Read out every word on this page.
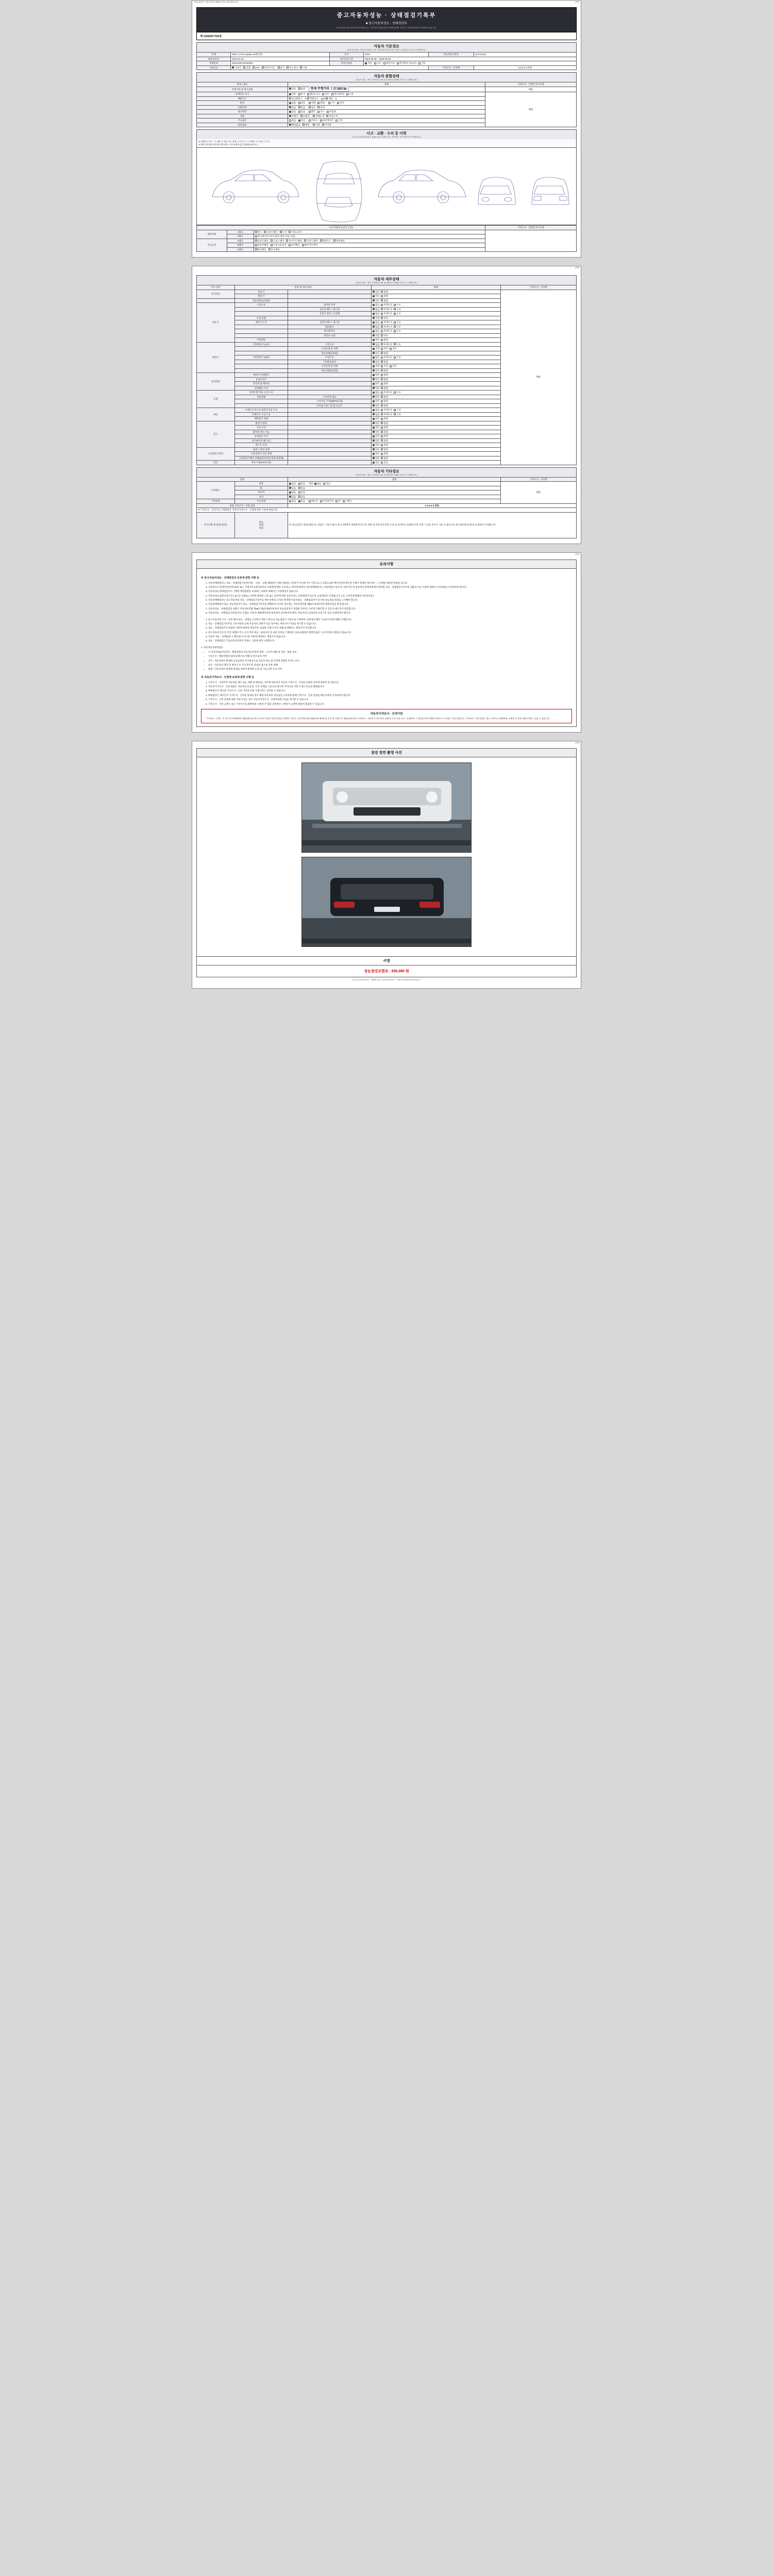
자동차관리법 시행규칙 [별지 제82호서식] <개정 2021.1.19.>	(3쪽)
중고자동차성능 · 상태점검기록부
■ 중고자동차성능 · 상태점검부
※ 자동차인도일 ( 계약일 )부터 30일 또는 주행거리 2천킬로미터 이내에 발생한 고장 또는 하자에 대하여 보상책임이 있습니다.
제 2300007765호
자동차 기본정보
(자동차등록증 / 자동차등록원부 기준. 자동차등록증과 다른 사항은 등록원부 기준으로 기재합니다.)
차 명	RDE 4.2 FSI quattro (4매인말)	연식	2015	자동차등록번호	212요8124
최초등록일	2015-10-19	검사유효기간	2023-06-06 ~ 2025-06-06		
차대번호	WAUZZZF19A00001	변속기종류	자동 수동 세미오토 무단변속기(CVT) 기타		
사용연료	가솔린 디젤 LPG 하이브리드 전기 수소전기 기타			가격조사 · 산정액	0 0 0 0 0 만원
자동차 종합상태
(자동차 점검 · 정비 시 확인된 사항 및 일반적인 상태를 기준으로 기재합니다.)
항목 / 종류	상태	가격조사 · 산정액 특기사항
주행거리 및 계기상태	양호 불량 현재 주행거리 ㅣ27,893 ㎞	해당
차대번호 표기	양호 부식 훼손(오손) 상이 변조(변타) 도말	해당
배출가스	일산화탄소 % 탄화수소 ppm 매연 %	
튜닝	없음 있음 적법 불법 구조 장치	
특별이력	없음 있음 침수 화재	
용도변경	없음 있음 렌트 리스 영업용	
색상	무채색 유채색 전체도색 부분도색	
주요옵션	없음 있음 선루프 내비게이션 기타	
리콜대상	해당없음 해당 이행 미이행	
사고 · 교환 · 수리 등 이력
(주요 골격 부위의 판금, 용접수리 및 교환이 있는 경우에는 사고이력으로 표기합니다.)
※ 상태표시 부호 : ⓧ 교환, ⓦ 판금 또는 용접, ⓒ 부식, ⓢ 스크래치, ⓐ 요철, ⓒ 손상
※ 하단 항목에서 솔루하지 않더라도 기타 부위특성을 상태에 따라 표시
사고이력(주요골격 손상)			가격조사 · 산정액 특기사항
외판부위	1랭크	후드 프론트휀더 도어 트렁크리드	
	2랭크	라디에이터서포트(볼트체결 부품 포함)	
주요골격	A랭크	프론트패널 크로스멤버 인사이드패널 사이드멤버 휠하우스 대쉬패널	
	B랭크	플로어패널 트렁크플로어 리어패널 패키지트레이	
	C랭크	필러패널 루프패널	
(3쪽)
자동차 세부상태
(자동차 점검 · 정비 시 확인된 사항 및 일반적인 상태를 기준으로 기재합니다.)
주요 장치	항목 및 성능상태		상태	가격조사 · 산정액
자가진단	원동기		양호 불량	해당
	변속기		양호 불량	
	작동상태 (공회전)		양호 불량	
원동기	오일누유	로커암 커버	없음 미세누유 누유	
		실린더 헤드 / 개스킷	없음 미세누유 누유	
		실린더 블록 / 오일팬	없음 미세누유 누유	
	오일 유량		적정 부족	
	냉각수 누수	실린더 헤드 / 개스킷	없음 미세누수 누수	
		워터펌프	없음 미세누수 누수	
		라디에이터	없음 미세누수 누수	
		냉각수 수량	적정 부족	
	커먼레일		양호 불량	
변속기	자동변속기 (A/T)	오일누유	없음 미세누유 누유	
		오일유량 및 상태	적정 부족 과다	
		작동상태(공회전)	양호 불량	
	수동변속기 (M/T)	오일누유	없음 미세누유 누유	
		기어변속장치	양호 불량	
		오일유량 및 상태	적정 부족 과다	
		작동상태(공회전)	양호 불량	
동력전달	클러치 어셈블리		양호 불량	
	등속조인트		양호 불량	
	추진축 및 베어링		양호 불량	
	디퍼렌셜 기어		양호 불량	
조향	동력조향 작동 오일 누유		없음 미세누유 누유	
	작동상태	스티어링 펌프	양호 불량	
		스티어링 기어(MDPS포함)	양호 불량	
		타이로드엔드 및 볼 조인트	양호 불량	
제동	브레이크 마스터 실린더오일 누유		없음 미세누유 누유	
	브레이크 오일 누유		없음 미세누유 누유	
	배력장치 상태		양호 불량	
전기	발전기 출력		양호 불량	
	시동 모터		양호 불량	
	와이퍼 정티 기능		양호 불량	
	실내송풍 모터		양호 불량	
	라디에이터 팬 모터		양호 불량	
	윈도우 모터		양호 불량	
고전원전기장치	충전구 절연 상태		양호 불량	
	구동축전지 격리 상태		양호 불량	
	고전원전기배선 상태(접속단자의,피복,절연체)		양호 불량	
연료	연료 누출(LPG포함)		없음 있음	
자동차 기타정보
(자동차 점검 · 정비 시 확인된 사항 및 일반적인 상태를 기준으로 기재합니다.)
항목		상태	가격조사 · 산정액
수리필요	외장	없음 있음 내장 없음 있음	해당
	휠	없음 있음	
	타이어	없음 있음	
	유리	없음 있음	
기본품목	보유상태	없음 있음 매뉴얼 안전삼각대 잭 스패너	
최종 가격조사 · 산정 금액		0 0 0 0 0 만원	
※ 가격조사 · 산정가격 산정방법은 자동차가격조사 · 산정에 관한 기준에 따릅니다.			
특기사항 및 점검자의견	성능
상태
점검	반 성능점검이 출하니(하나는 말씀드 거울 부품이 중고나제에서 세차하여 중고차 적용 및 부분적인 관련 도로 토 되 탈이노동회에 이관 지면 그나로 부서가 기름 수 없으므로 중고장차업 등에 또 유의하시기 바랍니다.	
(3쪽)
유의사항
※ 중고자동차성능 · 상태점검의 보증에 관한 사항 등
1. 자동차매매업자는 성능 · 상태점검기록부(이하 「성능 · 상태 제외)에 기재된 내용을 고지하지 아니하거나 거짓으로 고지함으로써 매수인에게 재산상 손해가 발생한 경우에는 그 손해를 배상할 책임을 집니다.
2. 자동차인도일(계약일)부터 30일 또는 주행거리 2천킬로미터 이내에 발생한 고장 또는 하자에 대하여 자동차매매업자는 보증책임이 있으며, 보증기간 내 정상적인 운행과정에서 발생한 성능 · 상태점검기록부의 내용과 다른 사항에 대하여 수리비용을 보상하여야 합니다.
3. 자동차성능상태점검자가 기재한 책임범위를 초과하는 내용에 대해서는 보증책임이 없습니다.
4. 자동차성능상태 보증기간 ( 30 일 / 2천㎞ ) 이내에 발생한 고장 또는 하자에 대한 보증수리는 보증책임이 있으며, 보증책임이 인정됩니다. ( 단, 소비자분쟁해결기준에 따름 )
5. 자동차매매업자는 중고자동차의 성능 · 상태점검기록부를 매수인에게 고지할 때 현행 자동차성능 · 상태점검자가 실시한 성능점검 결과를 고지해야 합니다.
6. 자동차매매업자 또는 성능점검자가 성능 · 상태점검기록부를 발행하지 아니한 경우에는 자동차관리법 제58조의4에 따라 행정처분을 받게 됩니다.
7. 자동차성능 · 상태점검의 내용은 자동차관리법 제58조제1항제3호에 따라 성능점검자가 점검한 것이며, 소비자가 확인할 수 있도록 매도인이 제공합니다.
8. 자동차성능 · 상태점검기록부(사본 포함)는 자동차 매매계약서에 첨부하여 교부하여야 하며, 자동차인도일로부터 보증기간 동안 보관하여야 합니다.
1. 중고자동차의 구조 · 장치 별의 성능 · 상태를 고지하기 위한 기준으로 성능점검시 기준으로 기재하며, 외부에서 확인 가능한 부분에 대해 기재합니다.
2. 성능 · 상태점검기록부의 기록사항과 실제 자동차의 상태가 다를 경우에는 매수인이 이의를 제기할 수 있습니다.
3. 성능 · 상태점검자가 점검한 사항에 대하여 책임지며, 점검한 사항이 아닌 내용에 대해서는 책임지지 아니합니다.
4. 중고자동차 인도일 이전 차량의 주요 골격 부위 판금 · 용접수리 및 교환 여부를 기재하며, 단순교환(볼트체결부품)은 사고이력에 포함되지 않습니다.
5. 자동차 성능 · 상태점검 시 확인되지 아니한 사항에 대하여는 책임지지 않습니다.
6. 성능 · 상태점검은 국토교통부장관이 정하는 기준에 따라 시행합니다.
1. 자동차등록원부(갑) :
• 이 자동차의(등록)번호 : 해당차량의 자동차등록번호 변경 · 소유자 현황 및 저당 · 압류 정보
• 누유누수 : 해당차량의 압류/공매/소유 현황 및 말소등록 여부
• 부식 : 자동차에서 발생한 금속표면의 부식현상으로 자동차 성능 및 안전에 영향을 미치는 부식
• 침수 : 자동차의 엔진 및 변속기 등 주요장치 및 실내의 침수로 인한 피해
• 화재 : 자동차에서 발생한 화재로 인하여 발생한 손상 및 그로 인한 수리 이력
※ 자동차가격조사 · 산정액 보증에 관한 사항 등
1. 가격조사 · 산정이란 자동차를 매도 또는 매매 중개하려는 경우에 매수인이 자동차 가격조사 · 산정을 의뢰한 경우에 한하여 실시합니다.
2. 자동차가격조사 · 산정 내용은 자동차의 동일성, 가격, 상태를 기준으로 평가된 가격으로 거래 시 참고자료로 활용됩니다.
3. 매매업자가 제시한 가격조사 · 산정 가격과 실제 거래가격은 상이할 수 있습니다.
4. 매매업자는 매수인이 가격조사 · 산정을 의뢰한 경우 해당 자동차의 성능점검 기록부와 함께 가격조사 · 산정 결과를 매수인에게 고지하여야 합니다.
5. 가격조사 · 산정 결과에 대한 이의가 있는 경우 자동차가격조사 · 산정자에게 이의를 제기할 수 있습니다.
6. 가격조사 · 산정 금액은 참고 가격이므로 판매자와 구매자 간 협의 과정에서 구매자가 금액에 대하여 협의할 수 있습니다.
자동차가격조사 · 산정이란

「가격조사 · 산정」은 실시기간 매매계약 체결(매도)할 때 중고차의 사실상 평가금액을 산정하는 것으로, 자동차관리법 제58조제 제4항 및 같은 법 시행규칙 제120조에 따라 가격조사 · 산정자가 자동차의 상태 및 가격 등을 조사 · 산정하여 그 결과를 매수인에게 서면으로 고지하는 것을 말합니다. 가격조사 · 산정 결과는 참고 가격으로 판매자와 구매자 간 실제 거래가격과는 다를 수 있습니다.

(3쪽)
점검 장면 촬영 사진
서명
성능점검보험료 : 936,980 원
[ ※ ] 중고자동차성능 · 상태를 권리, [ 자동차가격조사 · 산정 ] 사업자용 확인란입니다.
